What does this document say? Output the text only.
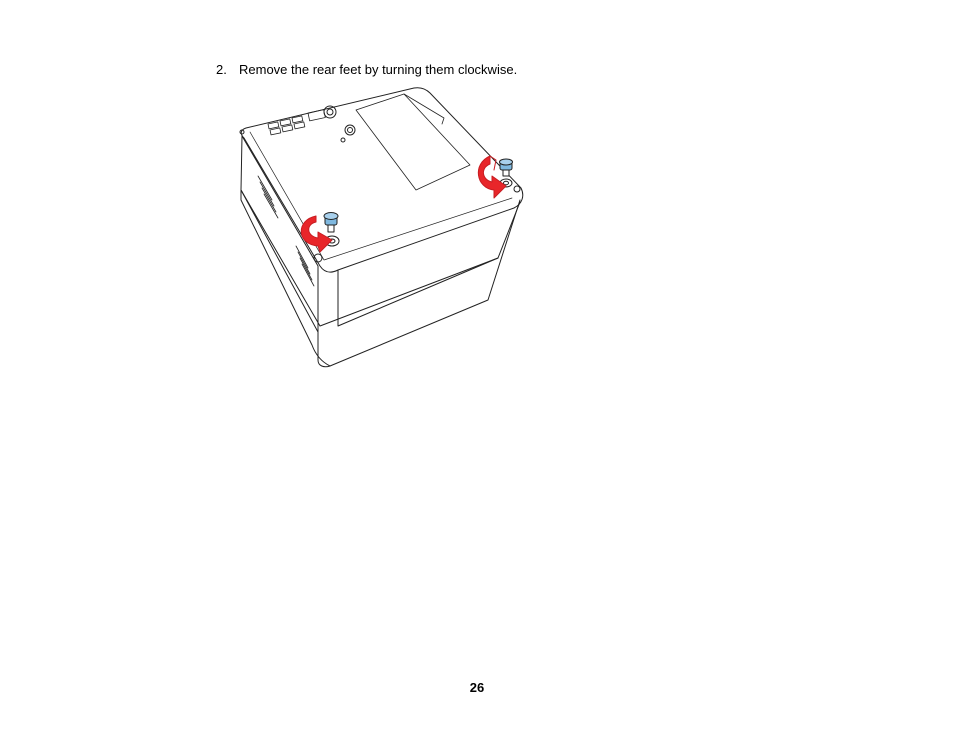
2. Remove the rear feet by turning them clockwise.
26
